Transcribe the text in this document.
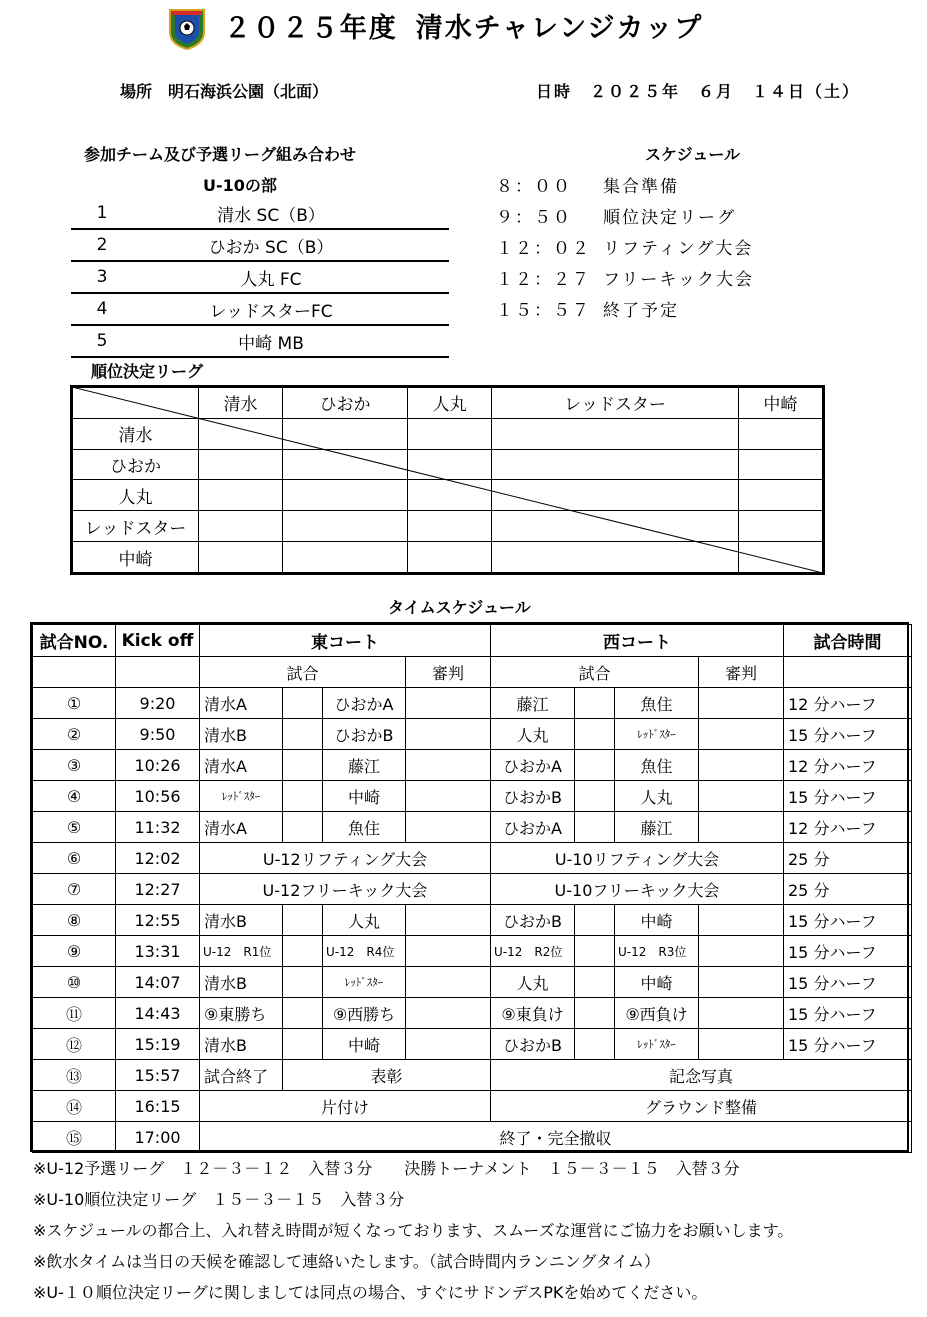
２０２５年度 清水チャレンジカップ
場所　 明石海浜公園（北面）	日時　 ２０２５年　６月　１４日（土）
参加チーム及び予選リーグ組み合わせ
U-10の部
スケジュール
1	清水 SC（B）
2	ひおか SC（B）
3	人丸 FC
4	レッドスターFC
5	中崎 MB
８：００ 集合準備
９：５０ 順位決定リーグ
１２：０２ リフティング大会
１２：２７ フリーキック大会
１５：５７ 終了予定
順位決定リーグ
	清水	ひおか	人丸	レッドスター	中崎
清水					
ひおか					
人丸					
レッドスター					
中崎					
タイムスケジュール
試合NO.	Kick off	東コート				西コート				試合時間
		試合			審判	試合			審判	
①	9:20	清水A		ひおかA		藤江		魚住		12 分ハーフ
②	9:50	清水B		ひおかB		人丸		ﾚｯﾄﾞｽﾀｰ		15 分ハーフ
③	10:26	清水A		藤江		ひおかA		魚住		12 分ハーフ
④	10:56	ﾚｯﾄﾞｽﾀｰ		中崎		ひおかB		人丸		15 分ハーフ
⑤	11:32	清水A		魚住		ひおかA		藤江		12 分ハーフ
⑥	12:02	U-12リフティング大会				U-10リフティング大会				25 分
⑦	12:27	U-12フリーキック大会				U-10フリーキック大会				25 分
⑧	12:55	清水B		人丸		ひおかB		中崎		15 分ハーフ
⑨	13:31	U-12　R1位		U-12　R4位		U-12　R2位		U-12　R3位		15 分ハーフ
⑩	14:07	清水B		ﾚｯﾄﾞｽﾀｰ		人丸		中崎		15 分ハーフ
⑪	14:43	⑨東勝ち		⑨西勝ち		⑨東負け		⑨西負け		15 分ハーフ
⑫	15:19	清水B		中崎		ひおかB		ﾚｯﾄﾞｽﾀｰ		15 分ハーフ
⑬	15:57	試合終了	表彰			記念写真				
⑭	16:15	片付け				グラウンド整備				
⑮	17:00	終了・完全撤収								
※U-12予選リーグ　１２－３－１２　入替３分　　決勝トーナメント　１５－３－１５　入替３分
※U-10順位決定リーグ　１５－３－１５　入替３分
※スケジュールの都合上、入れ替え時間が短くなっております、スムーズな運営にご協力をお願いします。
※飲水タイムは当日の天候を確認して連絡いたします。（試合時間内ランニングタイム）
※U-１０順位決定リーグに関しましては同点の場合、すぐにサドンデスPKを始めてください。
